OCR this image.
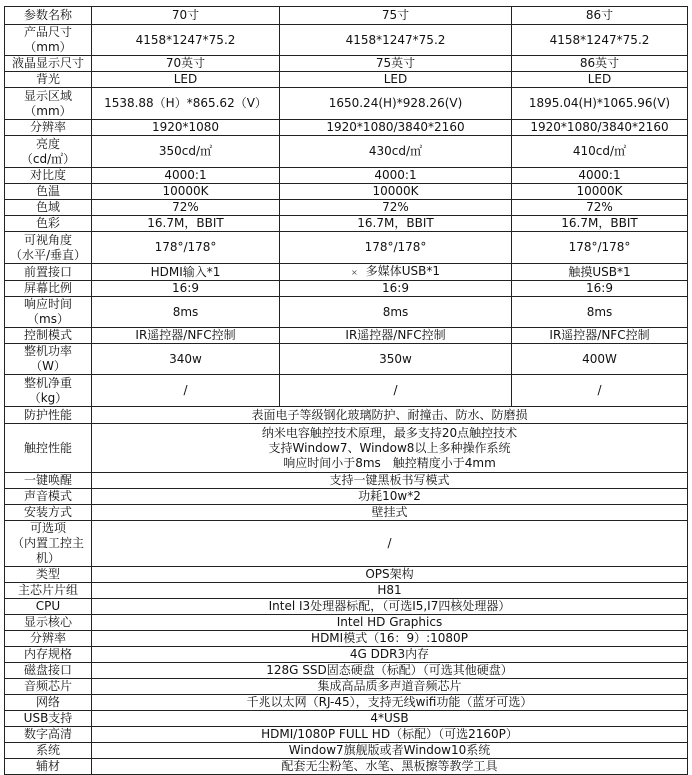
参数名称	70寸	75寸	86寸

产品尺寸
（mm）	4158*1247*75.2	4158*1247*75.2	4158*1247*75.2

液晶显示尺寸	70英寸	75英寸	86英寸

背光	LED	LED	LED

显示区域
（mm）	1538.88（H）*865.62（V）	1650.24(H)*928.26(V)	1895.04(H)*1065.96(V)

分辨率	1920*1080	1920*1080/3840*2160	1920*1080/3840*2160

亮度
（cd/㎡）	350cd/㎡	430cd/㎡	410cd/㎡

对比度	4000:1	4000:1	4000:1

色温	10000K	10000K	10000K

色域	72%	72%	72%

色彩	16.7M，BBIT	16.7M，BBIT	16.7M，BBIT

可视角度
（水平/垂直）	178°/178°	178°/178°	178°/178°

前置接口	HDMI输入*1	× 多媒体USB*1	触摸USB*1

屏幕比例	16:9	16:9	16:9

响应时间
（ms）	8ms	8ms	8ms

控制模式	IR遥控器/NFC控制	IR遥控器/NFC控制	IR遥控器/NFC控制

整机功率
（W）	340w	350w	400W

整机净重
（kg）	/	/	/

防护性能	表面电子等级钢化玻璃防护、耐撞击、防水、防磨损		

触控性能	纳米电容触控技术原理，最多支持20点触控技术
支持Window7、Window8以上多种操作系统
响应时间小于8ms　触控精度小于4mm		

一键唤醒	支持一键黑板书写模式		

声音模式	功耗10w*2		

安装方式	壁挂式		

可选项
（内置工控主机）	/		

类型	OPS架构		

主芯片片组	H81		

CPU	Intel I3处理器标配，（可选I5,I7四核处理器）		

显示核心	Intel HD Graphics		

分辨率	HDMI模式（16：9）:1080P		

内存规格	4G DDR3内存		

磁盘接口	128G SSD固态硬盘（标配）（可选其他硬盘）		

音频芯片	集成高品质多声道音频芯片		

网络	千兆以太网（RJ-45），支持无线wifi功能（蓝牙可选）		

USB支持	4*USB		

数字高清	HDMI/1080P FULL HD（标配）（可选2160P）		

系统	Window7旗舰版或者Window10系统		

辅材	配套无尘粉笔、水笔、黑板擦等教学工具		
